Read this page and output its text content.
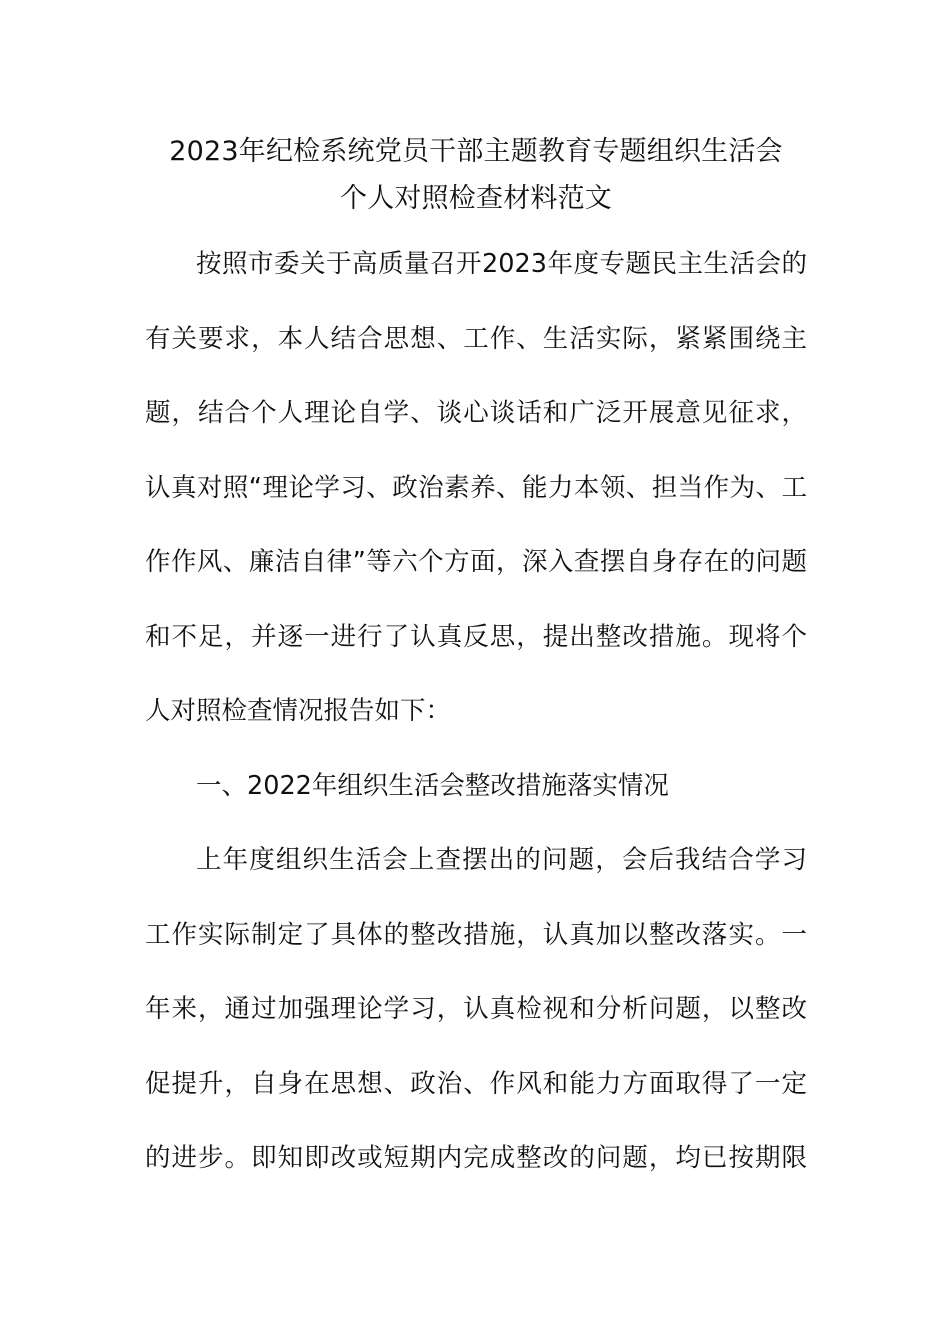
2023年纪检系统党员干部主题教育专题组织生活会
个人对照检查材料范文
按照市委关于高质量召开2023年度专题民主生活会的
有关要求，本人结合思想、工作、生活实际，紧紧围绕主
题，结合个人理论自学、谈心谈话和广泛开展意见征求，
认真对照“理论学习、政治素养、能力本领、担当作为、工
作作风、廉洁自律”等六个方面，深入查摆自身存在的问题
和不足，并逐一进行了认真反思，提出整改措施。现将个
人对照检查情况报告如下：
一、2022年组织生活会整改措施落实情况
上年度组织生活会上查摆出的问题，会后我结合学习
工作实际制定了具体的整改措施，认真加以整改落实。一
年来，通过加强理论学习，认真检视和分析问题，以整改
促提升，自身在思想、政治、作风和能力方面取得了一定
的进步。即知即改或短期内完成整改的问题，均已按期限
